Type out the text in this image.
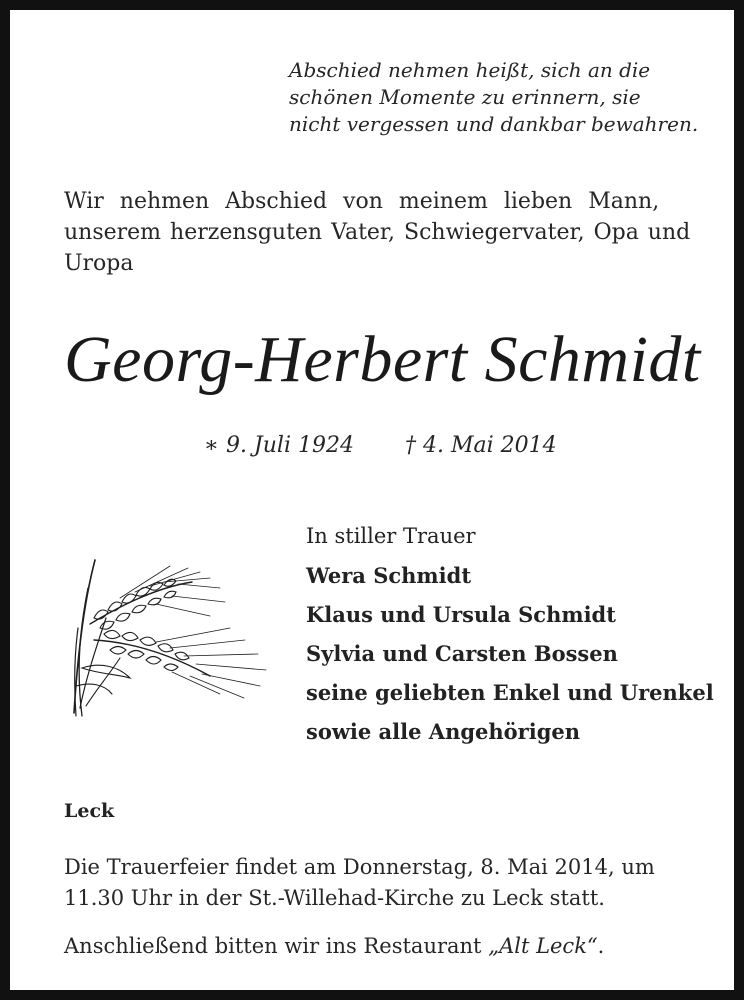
Abschied nehmen heißt, sich an die
schönen Momente zu erinnern, sie
nicht vergessen und dankbar bewahren.
Wir nehmen Abschied von meinem lieben Mann,
unserem herzensguten Vater, Schwiegervater, Opa und
Uropa
Georg-Herbert Schmidt
∗ 9. Juli 1924 † 4. Mai 2014
In stiller Trauer
Wera Schmidt
Klaus und Ursula Schmidt
Sylvia und Carsten Bossen
seine geliebten Enkel und Urenkel
sowie alle Angehörigen
Leck
Die Trauerfeier findet am Donnerstag, 8. Mai 2014, um
11.30 Uhr in der St.-Willehad-Kirche zu Leck statt.
Anschließend bitten wir ins Restaurant „Alt Leck“.
